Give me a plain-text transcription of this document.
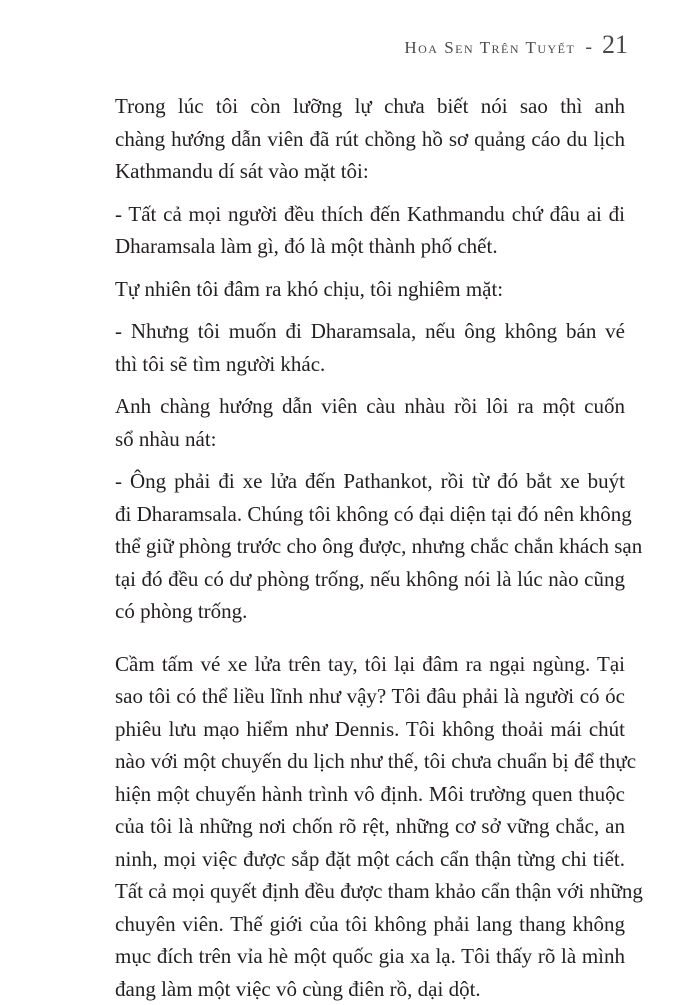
Hoa Sen Trên Tuyết - 21

Trong lúc tôi còn lưỡng lự chưa biết nói sao thì anh
chàng hướng dẫn viên đã rút chồng hồ sơ quảng cáo du lịch
Kathmandu dí sát vào mặt tôi:

- Tất cả mọi người đều thích đến Kathmandu chứ đâu ai đi
Dharamsala làm gì, đó là một thành phố chết.

Tự nhiên tôi đâm ra khó chịu, tôi nghiêm mặt:

- Nhưng tôi muốn đi Dharamsala, nếu ông không bán vé
thì tôi sẽ tìm người khác.

Anh chàng hướng dẫn viên càu nhàu rồi lôi ra một cuốn
sổ nhàu nát:

- Ông phải đi xe lửa đến Pathankot, rồi từ đó bắt xe buýt
đi Dharamsala. Chúng tôi không có đại diện tại đó nên không
thể giữ phòng trước cho ông được, nhưng chắc chắn khách sạn
tại đó đều có dư phòng trống, nếu không nói là lúc nào cũng
có phòng trống.

Cầm tấm vé xe lửa trên tay, tôi lại đâm ra ngại ngùng. Tại
sao tôi có thể liều lĩnh như vậy? Tôi đâu phải là người có óc
phiêu lưu mạo hiểm như Dennis. Tôi không thoải mái chút
nào với một chuyến du lịch như thế, tôi chưa chuẩn bị để thực
hiện một chuyến hành trình vô định. Môi trường quen thuộc
của tôi là những nơi chốn rõ rệt, những cơ sở vững chắc, an
ninh, mọi việc được sắp đặt một cách cẩn thận từng chi tiết.
Tất cả mọi quyết định đều được tham khảo cẩn thận với những
chuyên viên. Thế giới của tôi không phải lang thang không
mục đích trên vỉa hè một quốc gia xa lạ. Tôi thấy rõ là mình
đang làm một việc vô cùng điên rồ, dại dột.
